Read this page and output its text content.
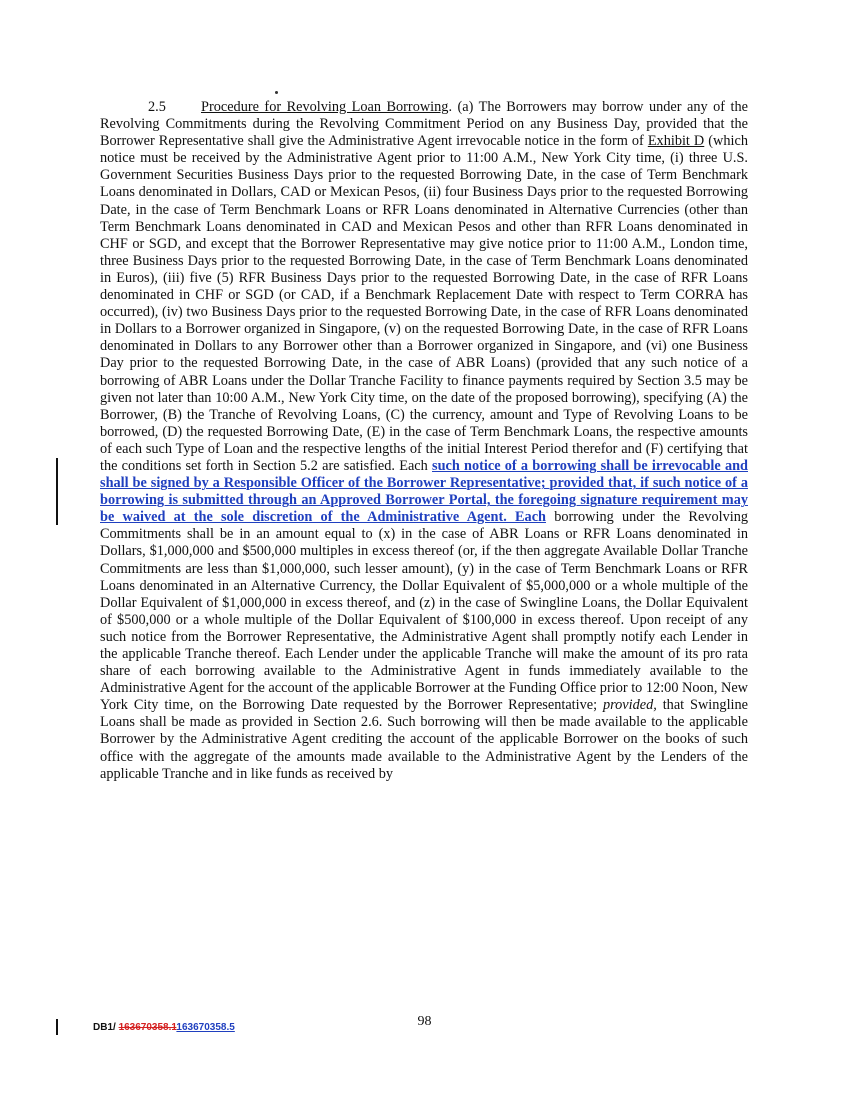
2.5 Procedure for Revolving Loan Borrowing. (a) The Borrowers may borrow under any of the Revolving Commitments during the Revolving Commitment Period on any Business Day, provided that the Borrower Representative shall give the Administrative Agent irrevocable notice in the form of Exhibit D (which notice must be received by the Administrative Agent prior to 11:00 A.M., New York City time, (i) three U.S. Government Securities Business Days prior to the requested Borrowing Date, in the case of Term Benchmark Loans denominated in Dollars, CAD or Mexican Pesos, (ii) four Business Days prior to the requested Borrowing Date, in the case of Term Benchmark Loans or RFR Loans denominated in Alternative Currencies (other than Term Benchmark Loans denominated in CAD and Mexican Pesos and other than RFR Loans denominated in CHF or SGD, and except that the Borrower Representative may give notice prior to 11:00 A.M., London time, three Business Days prior to the requested Borrowing Date, in the case of Term Benchmark Loans denominated in Euros), (iii) five (5) RFR Business Days prior to the requested Borrowing Date, in the case of RFR Loans denominated in CHF or SGD (or CAD, if a Benchmark Replacement Date with respect to Term CORRA has occurred), (iv) two Business Days prior to the requested Borrowing Date, in the case of RFR Loans denominated in Dollars to a Borrower organized in Singapore, (v) on the requested Borrowing Date, in the case of RFR Loans denominated in Dollars to any Borrower other than a Borrower organized in Singapore, and (vi) one Business Day prior to the requested Borrowing Date, in the case of ABR Loans) (provided that any such notice of a borrowing of ABR Loans under the Dollar Tranche Facility to finance payments required by Section 3.5 may be given not later than 10:00 A.M., New York City time, on the date of the proposed borrowing), specifying (A) the Borrower, (B) the Tranche of Revolving Loans, (C) the currency, amount and Type of Revolving Loans to be borrowed, (D) the requested Borrowing Date, (E) in the case of Term Benchmark Loans, the respective amounts of each such Type of Loan and the respective lengths of the initial Interest Period therefor and (F) certifying that the conditions set forth in Section 5.2 are satisfied. Each such notice of a borrowing shall be irrevocable and shall be signed by a Responsible Officer of the Borrower Representative; provided that, if such notice of a borrowing is submitted through an Approved Borrower Portal, the foregoing signature requirement may be waived at the sole discretion of the Administrative Agent. Each borrowing under the Revolving Commitments shall be in an amount equal to (x) in the case of ABR Loans or RFR Loans denominated in Dollars, $1,000,000 and $500,000 multiples in excess thereof (or, if the then aggregate Available Dollar Tranche Commitments are less than $1,000,000, such lesser amount), (y) in the case of Term Benchmark Loans or RFR Loans denominated in an Alternative Currency, the Dollar Equivalent of $5,000,000 or a whole multiple of the Dollar Equivalent of $1,000,000 in excess thereof, and (z) in the case of Swingline Loans, the Dollar Equivalent of $500,000 or a whole multiple of the Dollar Equivalent of $100,000 in excess thereof. Upon receipt of any such notice from the Borrower Representative, the Administrative Agent shall promptly notify each Lender in the applicable Tranche thereof. Each Lender under the applicable Tranche will make the amount of its pro rata share of each borrowing available to the Administrative Agent in funds immediately available to the Administrative Agent for the account of the applicable Borrower at the Funding Office prior to 12:00 Noon, New York City time, on the Borrowing Date requested by the Borrower Representative; provided, that Swingline Loans shall be made as provided in Section 2.6. Such borrowing will then be made available to the applicable Borrower by the Administrative Agent crediting the account of the applicable Borrower on the books of such office with the aggregate of the amounts made available to the Administrative Agent by the Lenders of the applicable Tranche and in like funds as received by

98
DB1/ 163670358.1163670358.5
